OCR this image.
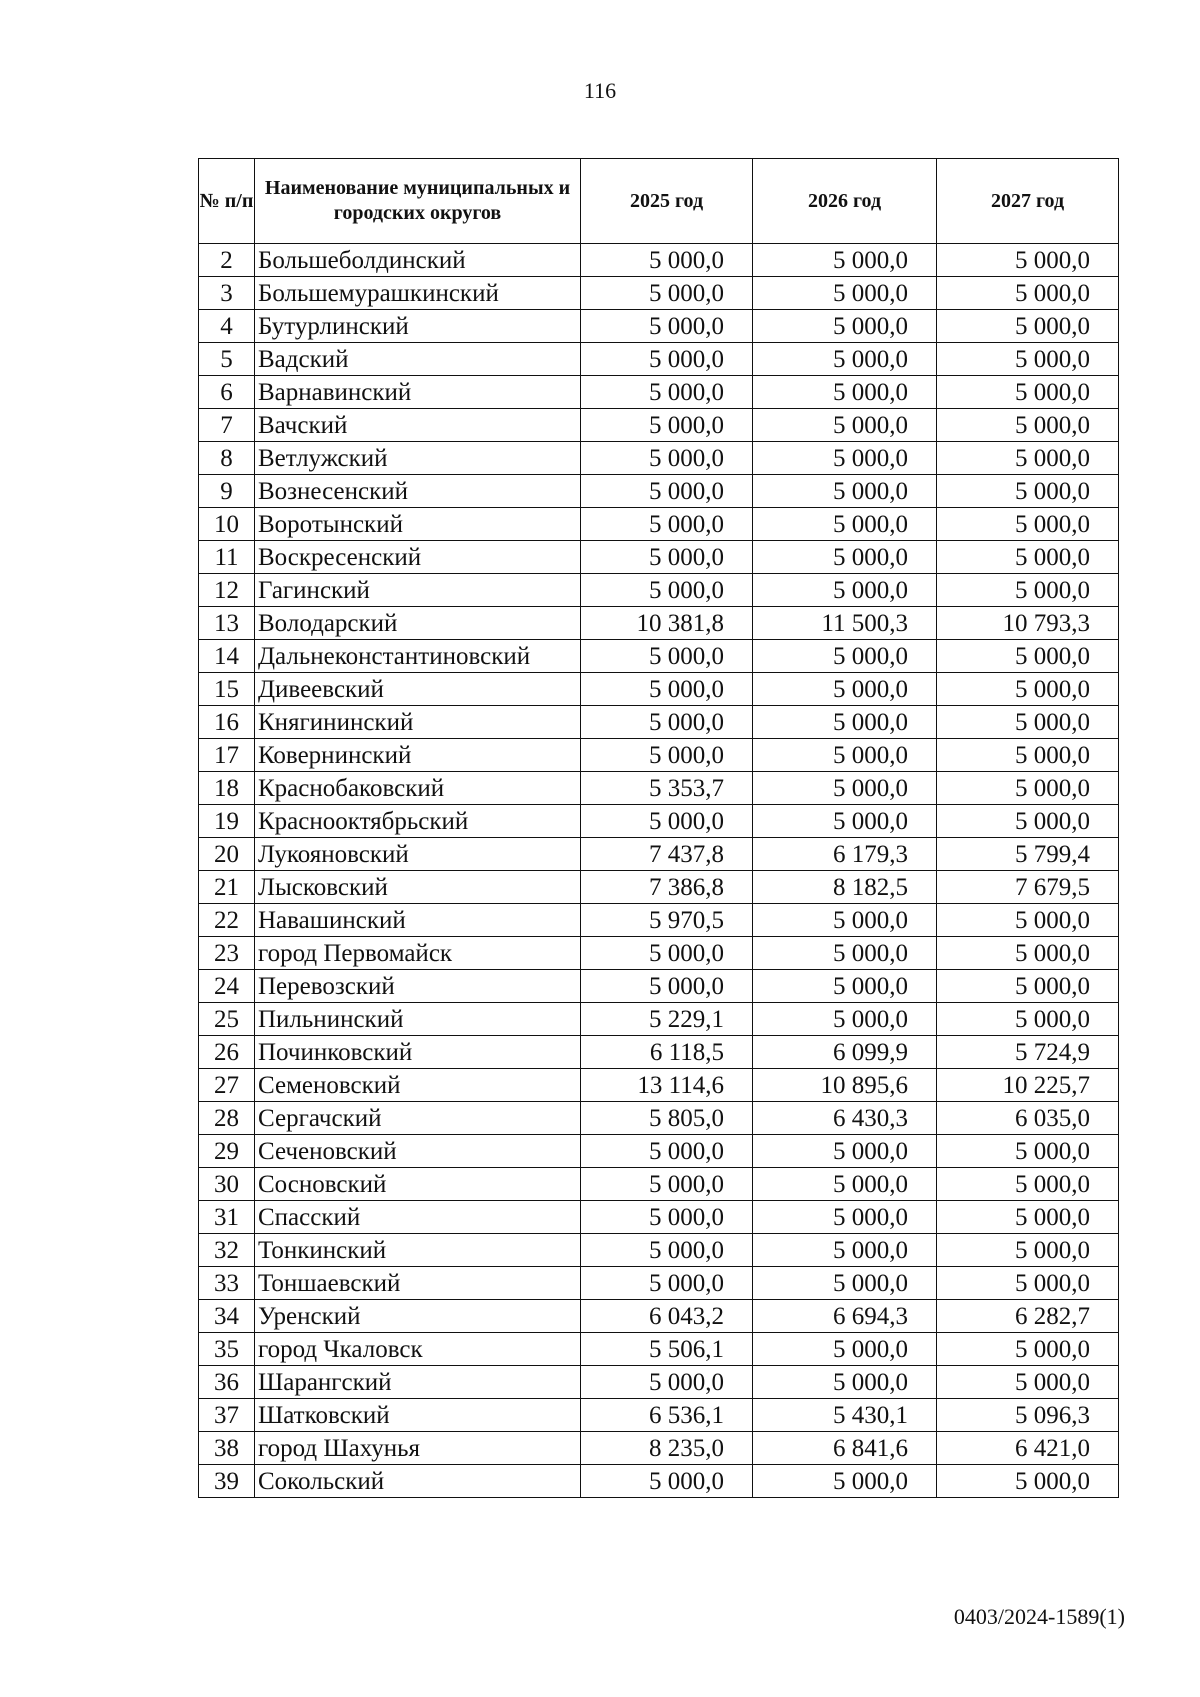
116
№ п/п	Наименование муниципальных и городских округов	2025 год	2026 год	2027 год
2	Большеболдинский	5 000,0	5 000,0	5 000,0
3	Большемурашкинский	5 000,0	5 000,0	5 000,0
4	Бутурлинский	5 000,0	5 000,0	5 000,0
5	Вадский	5 000,0	5 000,0	5 000,0
6	Варнавинский	5 000,0	5 000,0	5 000,0
7	Вачский	5 000,0	5 000,0	5 000,0
8	Ветлужский	5 000,0	5 000,0	5 000,0
9	Вознесенский	5 000,0	5 000,0	5 000,0
10	Воротынский	5 000,0	5 000,0	5 000,0
11	Воскресенский	5 000,0	5 000,0	5 000,0
12	Гагинский	5 000,0	5 000,0	5 000,0
13	Володарский	10 381,8	11 500,3	10 793,3
14	Дальнеконстантиновский	5 000,0	5 000,0	5 000,0
15	Дивеевский	5 000,0	5 000,0	5 000,0
16	Княгининский	5 000,0	5 000,0	5 000,0
17	Ковернинский	5 000,0	5 000,0	5 000,0
18	Краснобаковский	5 353,7	5 000,0	5 000,0
19	Краснооктябрьский	5 000,0	5 000,0	5 000,0
20	Лукояновский	7 437,8	6 179,3	5 799,4
21	Лысковский	7 386,8	8 182,5	7 679,5
22	Навашинский	5 970,5	5 000,0	5 000,0
23	город Первомайск	5 000,0	5 000,0	5 000,0
24	Перевозский	5 000,0	5 000,0	5 000,0
25	Пильнинский	5 229,1	5 000,0	5 000,0
26	Починковский	6 118,5	6 099,9	5 724,9
27	Семеновский	13 114,6	10 895,6	10 225,7
28	Сергачский	5 805,0	6 430,3	6 035,0
29	Сеченовский	5 000,0	5 000,0	5 000,0
30	Сосновский	5 000,0	5 000,0	5 000,0
31	Спасский	5 000,0	5 000,0	5 000,0
32	Тонкинский	5 000,0	5 000,0	5 000,0
33	Тоншаевский	5 000,0	5 000,0	5 000,0
34	Уренский	6 043,2	6 694,3	6 282,7
35	город Чкаловск	5 506,1	5 000,0	5 000,0
36	Шарангский	5 000,0	5 000,0	5 000,0
37	Шатковский	6 536,1	5 430,1	5 096,3
38	город Шахунья	8 235,0	6 841,6	6 421,0
39	Сокольский	5 000,0	5 000,0	5 000,0
0403/2024-1589(1)
